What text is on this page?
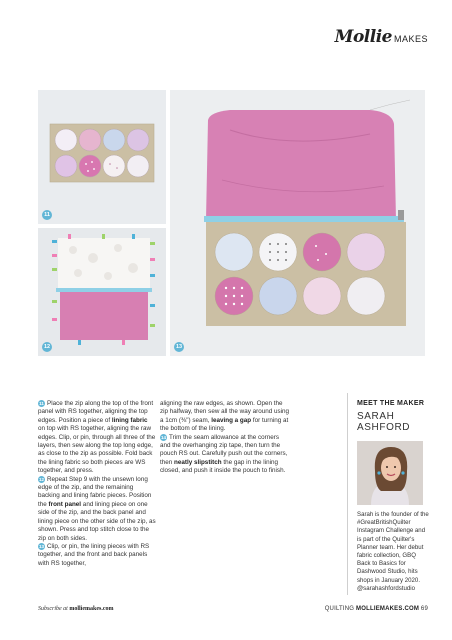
Mollie MAKES
11
12	13
11 Place the zip along the top of the front panel with RS together, aligning the top edges. Position a piece of lining fabric on top with RS together, aligning the raw edges. Clip, or pin, through all three of the layers, then sew along the top long edge, as close to the zip as possible. Fold back the lining fabric so both pieces are WS together, and press.
12 Repeat Step 9 with the unsewn long edge of the zip, and the remaining backing and lining fabric pieces. Position the front panel and lining piece on one side of the zip, and the back panel and lining piece on the other side of the zip, as shown. Press and top stitch close to the zip on both sides.
13 Clip, or pin, the lining pieces with RS together, and the front and back panels with RS together,
aligning the raw edges, as shown. Open the zip halfway, then sew all the way around using a 1cm (⅜") seam, leaving a gap for turning at the bottom of the lining.
14 Trim the seam allowance at the corners and the overhanging zip tape, then turn the pouch RS out. Carefully push out the corners, then neatly slipstitch the gap in the lining closed, and push it inside the pouch to finish.
MEET THE MAKER
SARAH ASHFORD
Sarah is the founder of the #GreatBritishQuilter Instagram Challenge and is part of the Quilter's Planner team. Her debut fabric collection, GBQ Back to Basics for Dashwood Studio, hits shops in January 2020. @sarahashfordstudio
Subscribe at molliemakes.com	QUILTING MOLLIEMAKES.COM 69
